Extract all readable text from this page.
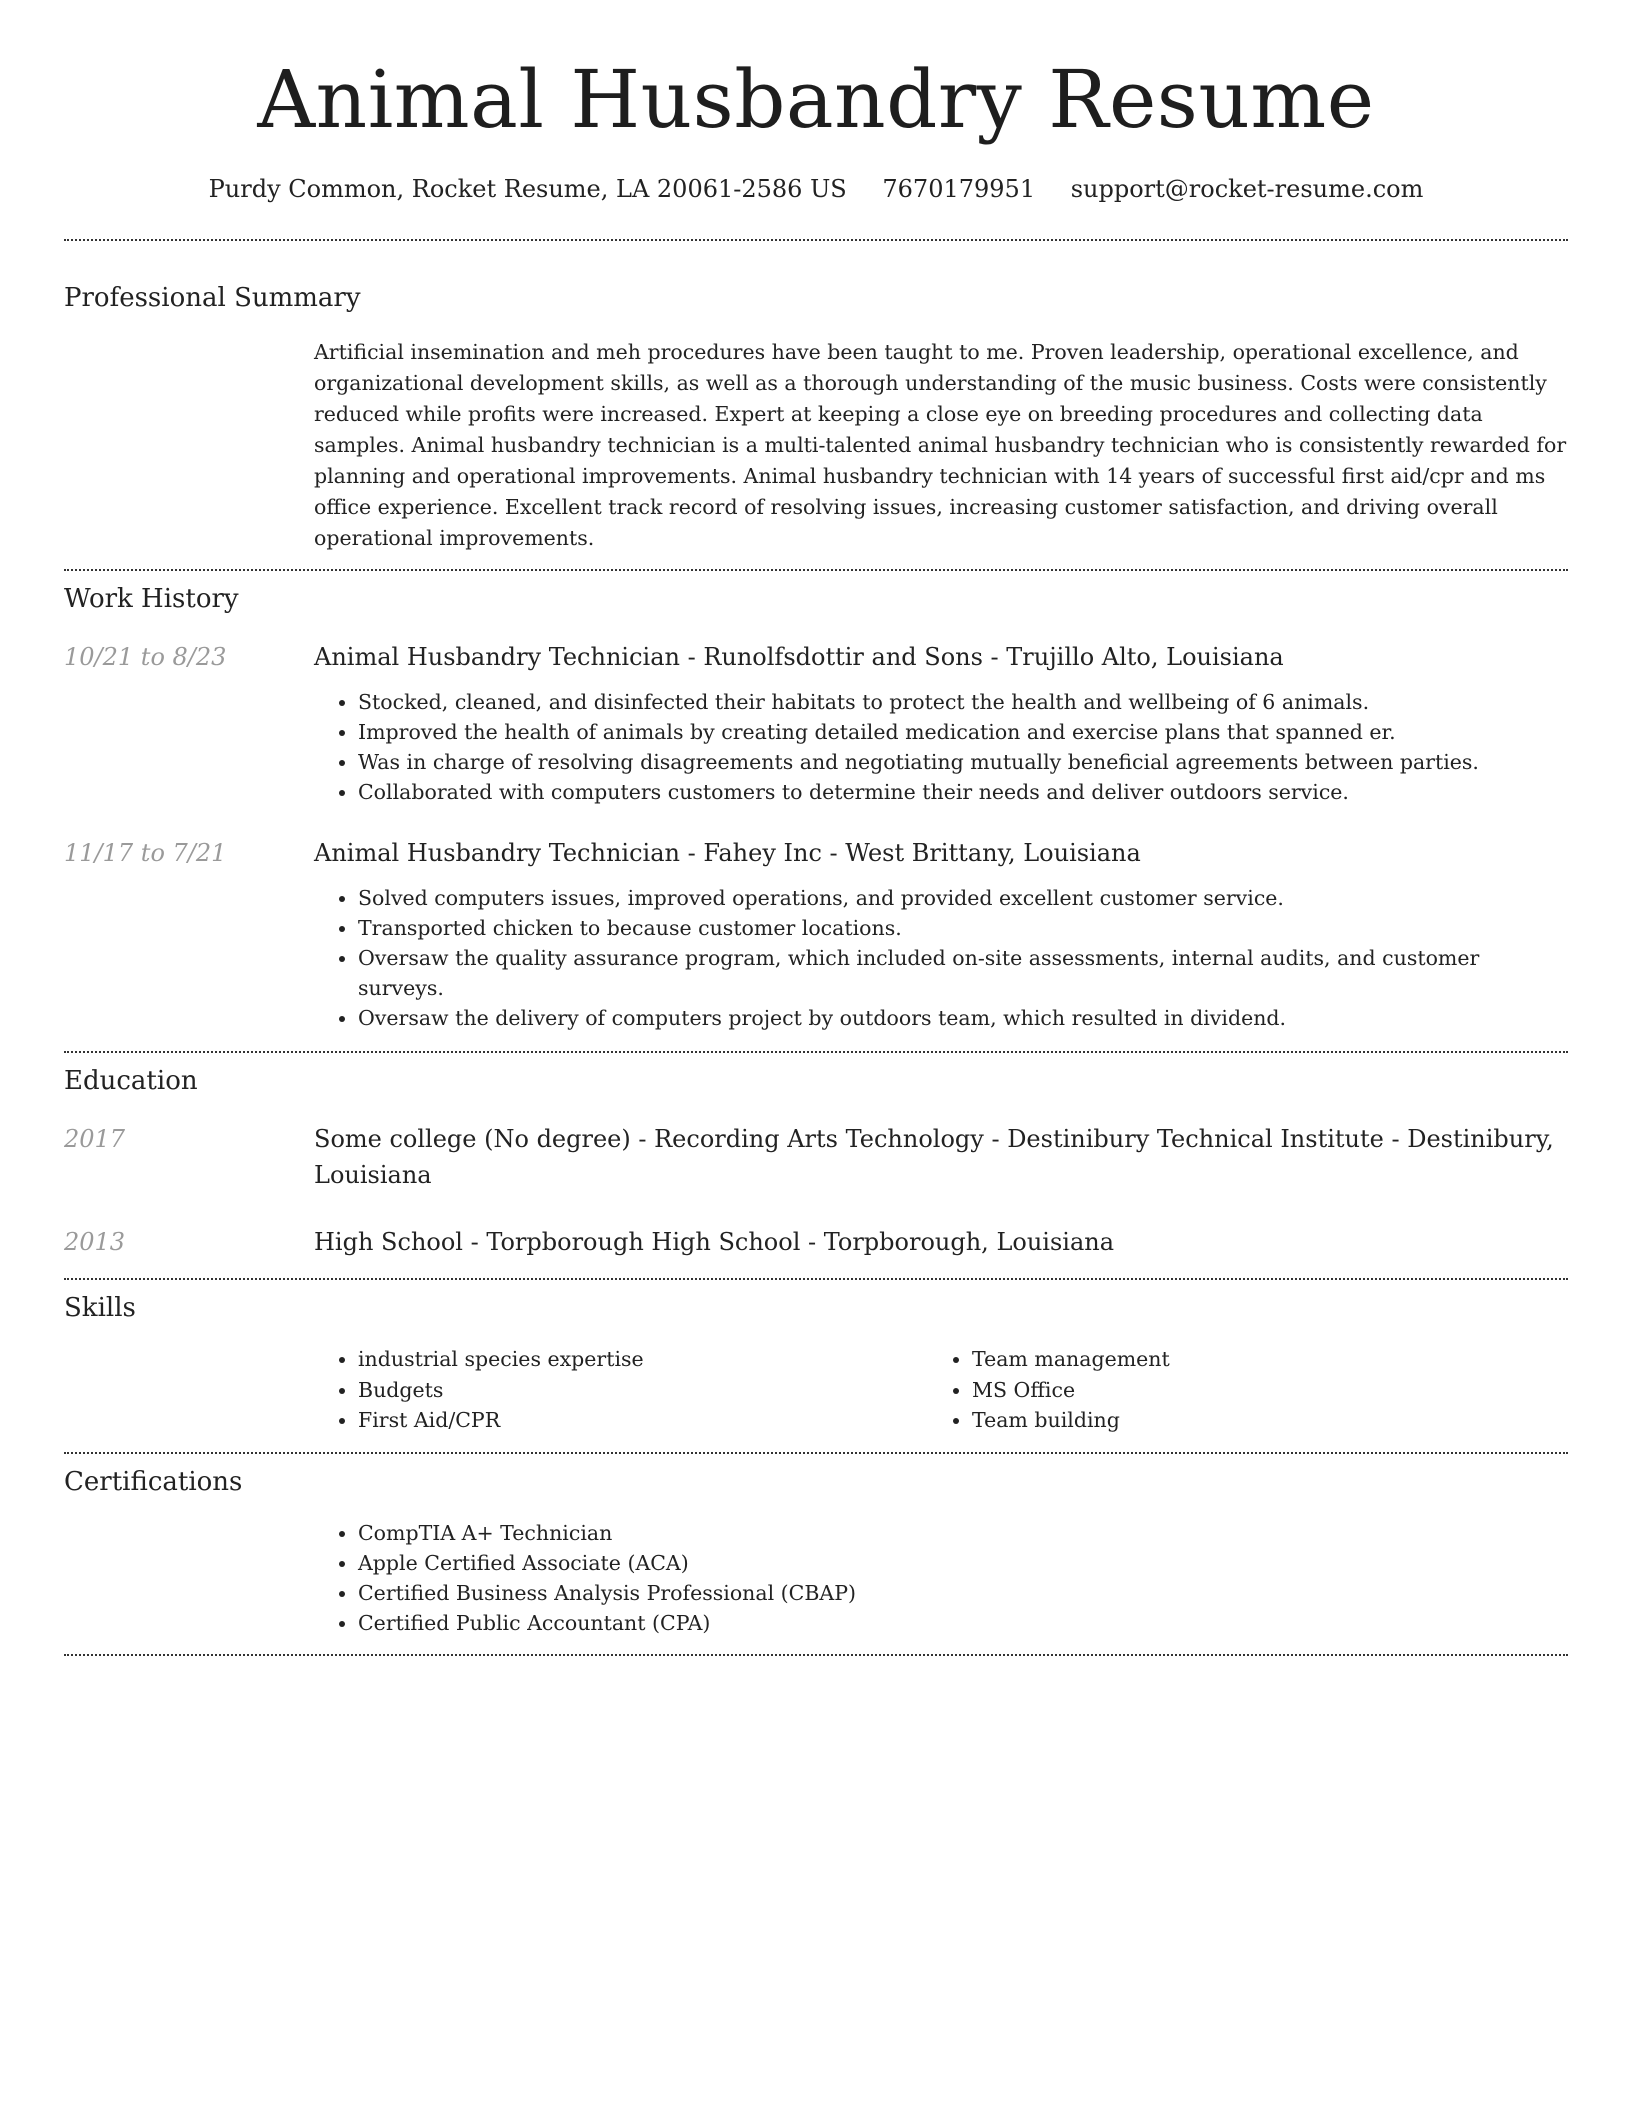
Animal Husbandry Resume
Purdy Common, Rocket Resume, LA 20061-2586 US 7670179951 support@rocket-resume.com
Professional Summary

Artificial insemination and meh procedures have been taught to me. Proven leadership, operational excellence, and organizational development skills, as well as a thorough understanding of the music business. Costs were consistently reduced while profits were increased. Expert at keeping a close eye on breeding procedures and collecting data samples. Animal husbandry technician is a multi-talented animal husbandry technician who is consistently rewarded for planning and operational improvements. Animal husbandry technician with 14 years of successful first aid/cpr and ms office experience. Excellent track record of resolving issues, increasing customer satisfaction, and driving overall operational improvements.

Work History
10/21 to 8/23	Animal Husbandry Technician - Runolfsdottir and Sons - Trujillo Alto, Louisiana
• Stocked, cleaned, and disinfected their habitats to protect the health and wellbeing of 6 animals.
• Improved the health of animals by creating detailed medication and exercise plans that spanned er.
• Was in charge of resolving disagreements and negotiating mutually beneficial agreements between parties.
• Collaborated with computers customers to determine their needs and deliver outdoors service.
11/17 to 7/21	Animal Husbandry Technician - Fahey Inc - West Brittany, Louisiana
• Solved computers issues, improved operations, and provided excellent customer service.
• Transported chicken to because customer locations.
• Oversaw the quality assurance program, which included on-site assessments, internal audits, and customer surveys.
• Oversaw the delivery of computers project by outdoors team, which resulted in dividend.
Education
2017	Some college (No degree) - Recording Arts Technology - Destinibury Technical Institute - Destinibury, Louisiana
2013	High School - Torpborough High School - Torpborough, Louisiana
Skills
• industrial species expertise
• Budgets
• First Aid/CPR
• Team management
• MS Office
• Team building
Certifications
• CompTIA A+ Technician
• Apple Certified Associate (ACA)
• Certified Business Analysis Professional (CBAP)
• Certified Public Accountant (CPA)
